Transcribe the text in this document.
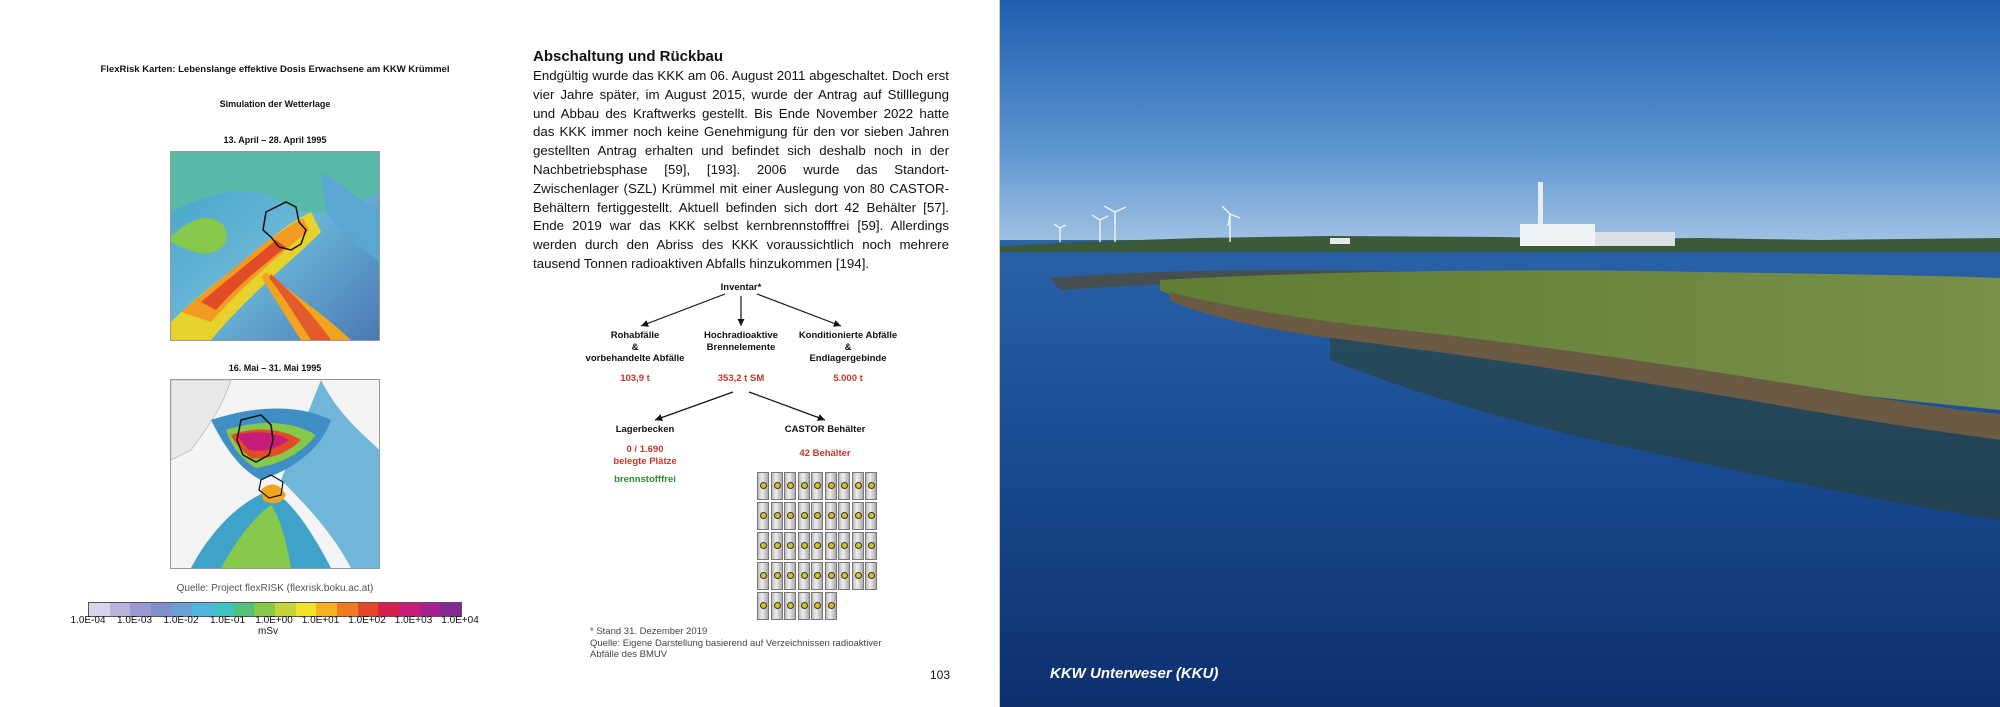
FlexRisk Karten: Lebenslange effektive Dosis Erwachsene am KKW Krümmel
Simulation der Wetterlage
13. April – 28. April 1995
16. Mai – 31. Mai 1995
Quelle: Project flexRISK (flexrisk.boku.ac.at)
1.0E-04 1.0E-03 1.0E-02 1.0E-01 1.0E+00 1.0E+01 1.0E+02 1.0E+03 1.0E+04
mSv
Abschaltung und Rückbau

Endgültig wurde das KKK am 06. August 2011 abgeschaltet. Doch erst vier Jahre später, im August 2015, wurde der Antrag auf Stilllegung und Abbau des Kraftwerks gestellt. Bis Ende November 2022 hatte das KKK immer noch keine Genehmigung für den vor sieben Jahren gestellten Antrag erhalten und befindet sich deshalb noch in der Nachbetriebsphase [59], [193]. 2006 wurde das Standort-Zwischenlager (SZL) Krümmel mit einer Auslegung von 80 CASTOR-Behältern fertiggestellt. Aktuell befinden sich dort 42 Behälter [57]. Ende 2019 war das KKK selbst kernbrennstofffrei [59]. Allerdings werden durch den Abriss des KKK voraussichtlich noch mehrere tausend Tonnen radioaktiven Abfalls hinzukommen [194].

Inventar*
Rohabfälle
&
vorbehandelte Abfälle
103,9 t
Hochradioaktive
Brennelemente
353,2 t SM
Konditionierte Abfälle
&
Endlagergebinde
5.000 t
Lagerbecken
0 / 1.690
belegte Plätze
brennstofffrei
CASTOR Behälter
42 Behälter
* Stand 31. Dezember 2019
Quelle: Eigene Darstellung basierend auf Verzeichnissen radioaktiver Abfälle des BMUV
103	KKW Unterweser (KKU)
